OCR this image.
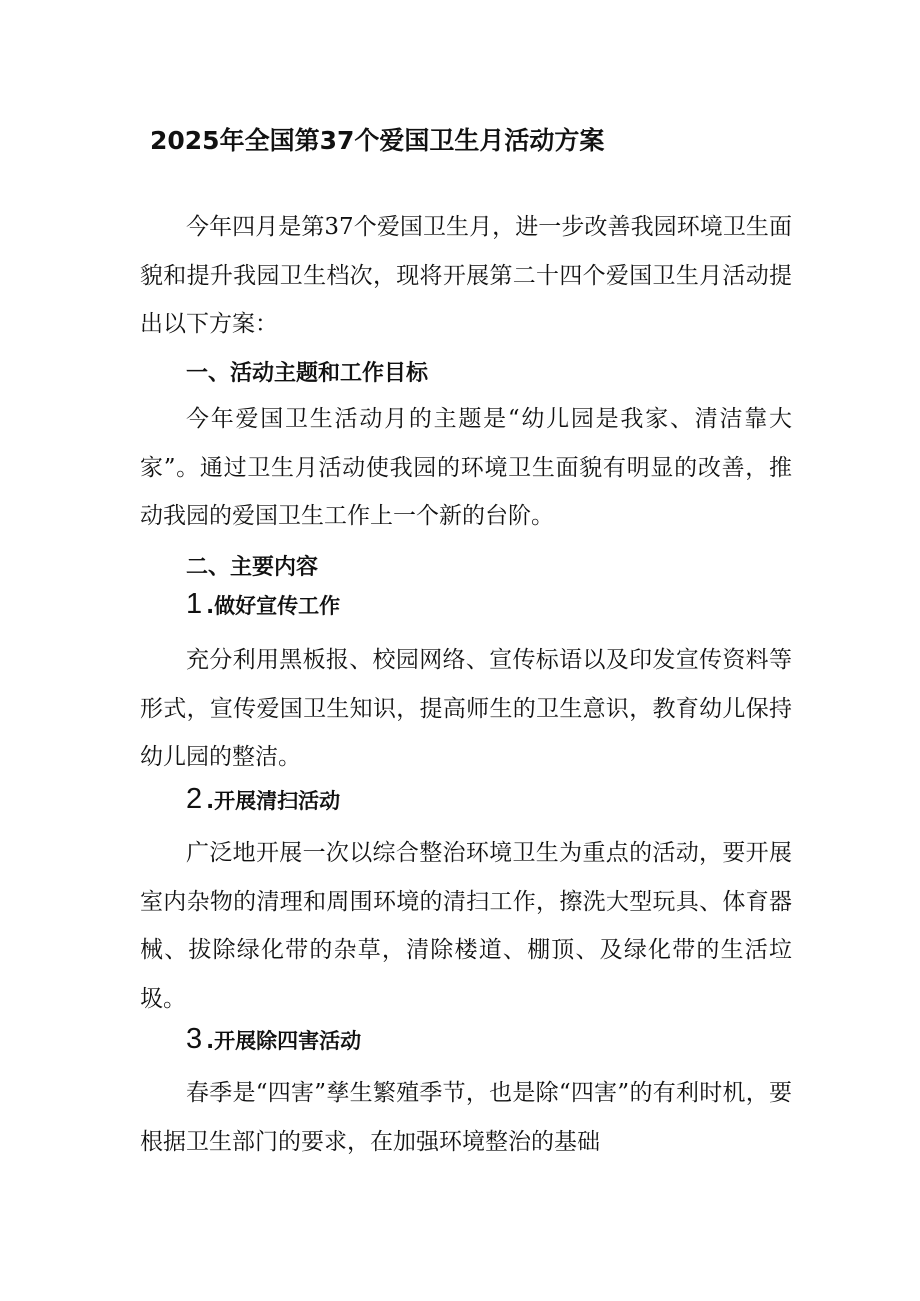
2025年全国第37个爱国卫生月活动方案

今年四月是第37个爱国卫生月，进一步改善我园环境卫生面貌和提升我园卫生档次，现将开展第二十四个爱国卫生月活动提出以下方案：

一、活动主题和工作目标

今年爱国卫生活动月的主题是“幼儿园是我家、清洁靠大家”。通过卫生月活动使我园的环境卫生面貌有明显的改善，推动我园的爱国卫生工作上一个新的台阶。

二、主要内容
1 .做好宣传工作

充分利用黑板报、校园网络、宣传标语以及印发宣传资料等形式，宣传爱国卫生知识，提高师生的卫生意识，教育幼儿保持幼儿园的整洁。

2 .开展清扫活动

广泛地开展一次以综合整治环境卫生为重点的活动，要开展室内杂物的清理和周围环境的清扫工作，擦洗大型玩具、体育器械、拔除绿化带的杂草，清除楼道、棚顶、及绿化带的生活垃圾。

3 .开展除四害活动

春季是“四害”孳生繁殖季节，也是除“四害”的有利时机，要根据卫生部门的要求，在加强环境整治的基础
